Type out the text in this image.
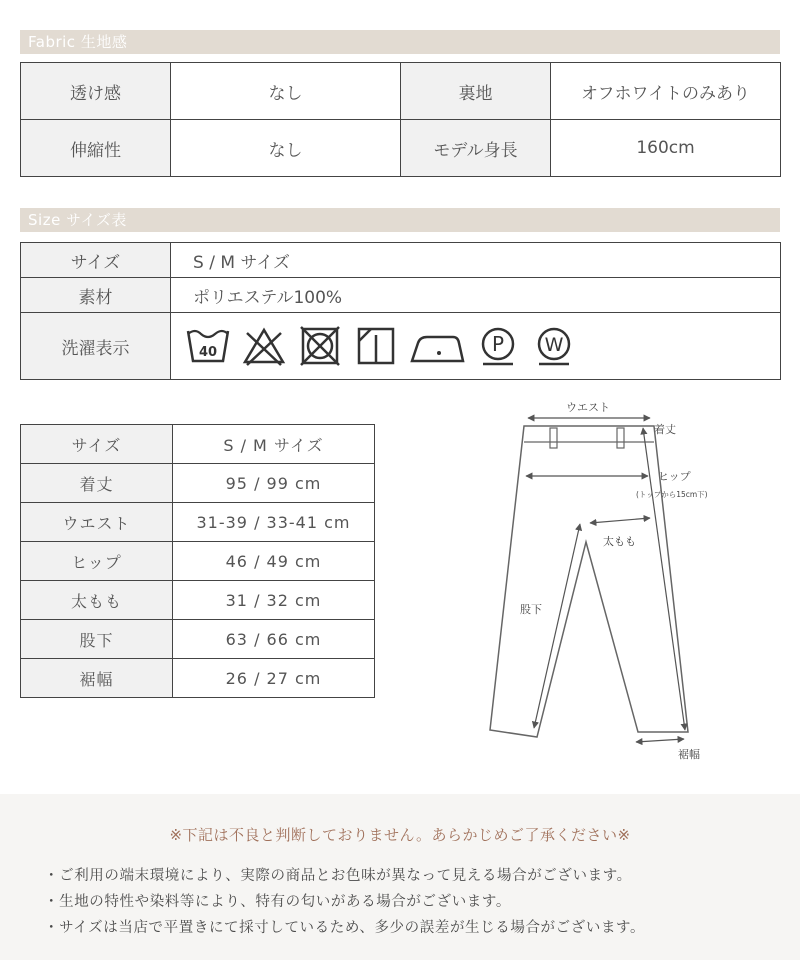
Fabric 生地感
透け感	なし	裏地	オフホワイトのみあり
伸縮性	なし	モデル身長	160cm
Size サイズ表
サイズ	S / M サイズ
素材	ポリエステル100%
洗濯表示	40 P W
サイズ	S / M サイズ
着丈	95 / 99 cm
ウエスト	31-39 / 33-41 cm
ヒップ	46 / 49 cm
太もも	31 / 32 cm
股下	63 / 66 cm
裾幅	26 / 27 cm
ウエスト
着丈
ヒップ
(トップから15cm下)
太もも
股下
裾幅
※下記は不良と判断しておりません。あらかじめご了承ください※
・ご利用の端末環境により、実際の商品とお色味が異なって見える場合がございます。
・生地の特性や染料等により、特有の匂いがある場合がございます。
・サイズは当店で平置きにて採寸しているため、多少の誤差が生じる場合がございます。
